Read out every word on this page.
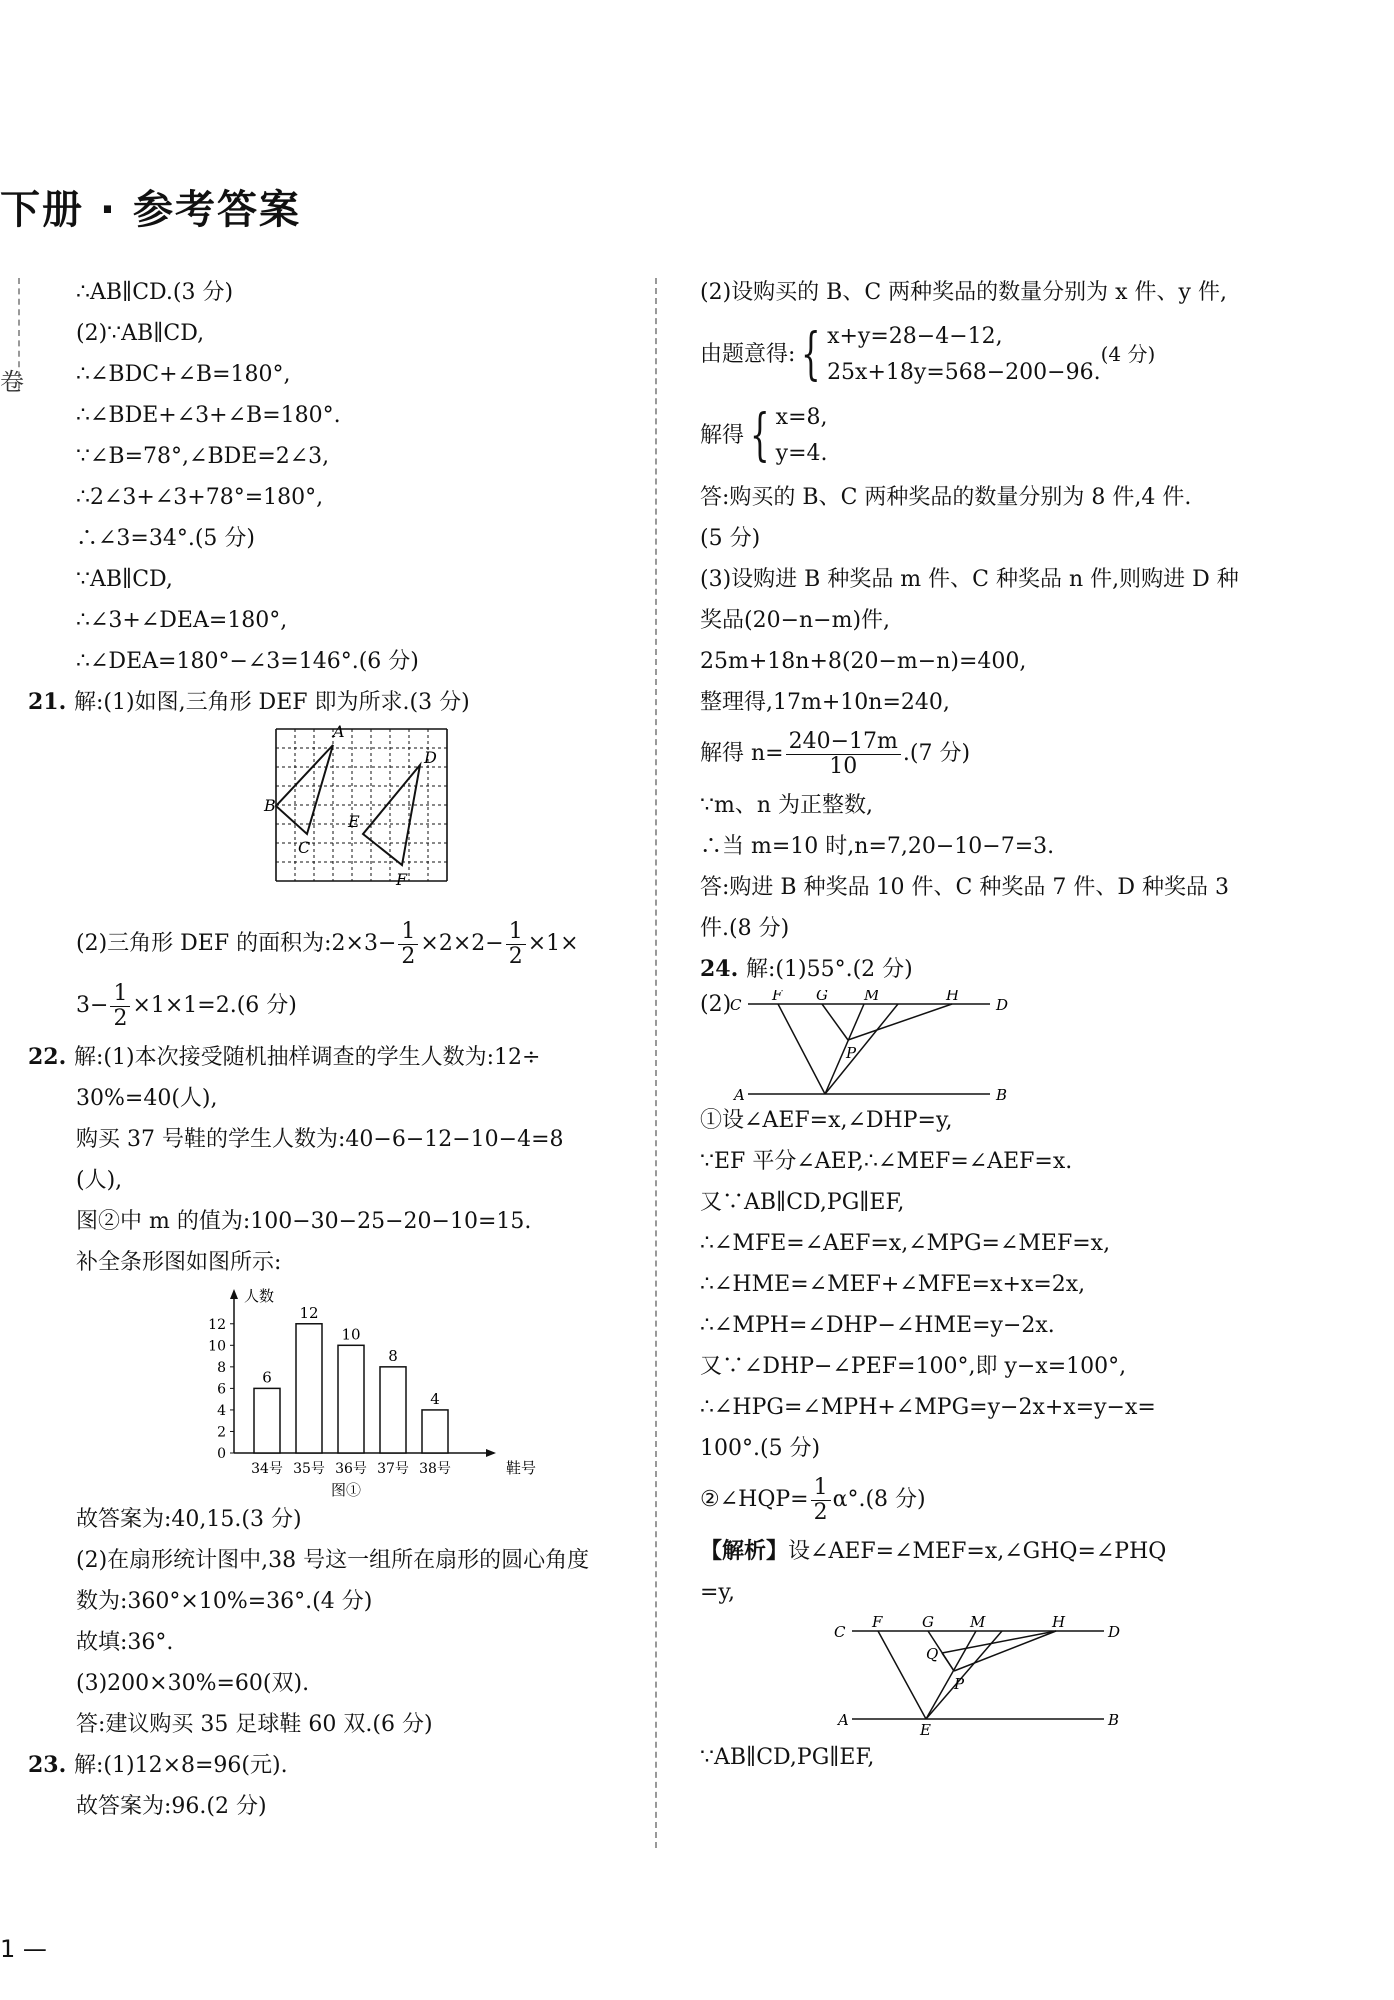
下册 · 参考答案
卷
∴AB∥CD.(3 分)
(2)∵AB∥CD,
∴∠BDC+∠B=180°,
∴∠BDE+∠3+∠B=180°.
∵∠B=78°,∠BDE=2∠3,
∴2∠3+∠3+78°=180°,
∴∠3=34°.(5 分)
∵AB∥CD,
∴∠3+∠DEA=180°,
∴∠DEA=180°−∠3=146°.(6 分)
21. 解:(1)如图,三角形 DEF 即为所求.(3 分)
A
B
C
D
E
F
(2)三角形 DEF 的面积为:2×3− $\frac{1}{2} \times 2\times 2- \frac{1}{2} \times 1\times$
$3- \frac{1}{2} \times 1\times 1=2.(6$ 分)
22. 解:(1)本次接受随机抽样调查的学生人数为:12÷
30%=40(人),
购买 37 号鞋的学生人数为:40−6−12−10−4=8
(人),
图②中 m 的值为:100−30−25−20−10=15.
补全条形图如图所示:
人数
鞋号
0
2
4
6
8
10
12
6
34号
12
35号
10
36号
8
37号
4
38号
图①
故答案为:40,15.(3 分)
(2)在扇形统计图中,38 号这一组所在扇形的圆心角度
数为:360°×10%=36°.(4 分)
故填:36°.
(3)200×30%=60(双).
答:建议购买 35 足球鞋 60 双.(6 分)
23. 解:(1)12×8=96(元).
故答案为:96.(2 分)
(2)设购买的 B、C 两种奖品的数量分别为 x 件、y 件,
由题意得: { x+y=28−4−12,
25x+18y=568−200−96.
(4 分)
解得 { x=8,
y=4.
答:购买的 B、C 两种奖品的数量分别为 8 件,4 件.
(5 分)
(3)设购进 B 种奖品 m 件、C 种奖品 n 件,则购进 D 种
奖品(20−n−m)件,
25m+18n+8(20−m−n)=400,
整理得,17m+10n=240,
解得 $n= \frac{240-17m}{10} .(7$ 分)
∵m、n 为正整数,
∴当 m=10 时,n=7,20−10−7=3.
答:购进 B 种奖品 10 件、C 种奖品 7 件、D 种奖品 3
件.(8 分)
24. 解:(1)55°.(2 分)
(2)
C
F G M	H
D
P
A	B
①设∠AEF=x,∠DHP=y,
∵EF 平分∠AEP,∴∠MEF=∠AEF=x.
又∵AB∥CD,PG∥EF,
∴∠MFE=∠AEF=x,∠MPG=∠MEF=x,
∴∠HME=∠MEF+∠MFE=x+x=2x,
∴∠MPH=∠DHP−∠HME=y−2x.
又∵∠DHP−∠PEF=100°,即 y−x=100°,
∴∠HPG=∠MPH+∠MPG=y−2x+x=y−x=
100°.(5 分)
②∠HQP= $\frac{1}{2} \alpha^\circ.(8$ 分)
【解析】设∠AEF=∠MEF=x,∠GHQ=∠PHQ
=y,
C
F	G M	H
D
Q
P
A
E
B
∵AB∥CD,PG∥EF,
1 —
